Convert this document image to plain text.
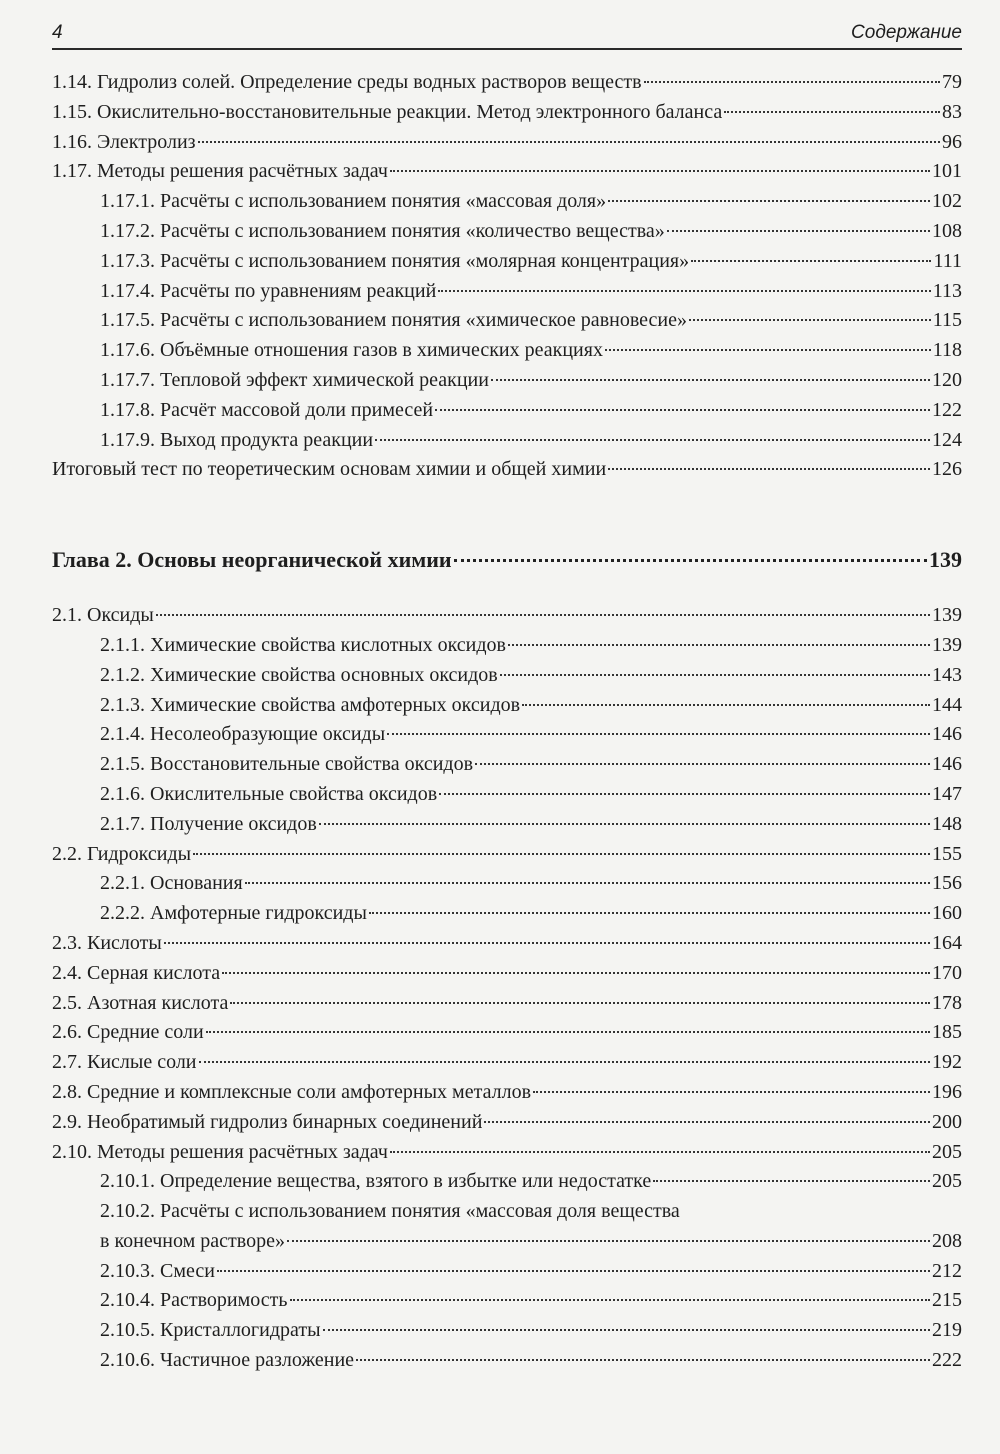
4	Содержание
1.14. Гидролиз солей. Определение среды водных растворов веществ	79
1.15. Окислительно-восстановительные реакции. Метод электронного баланса	83
1.16. Электролиз	96
1.17. Методы решения расчётных задач	101
1.17.1. Расчёты с использованием понятия «массовая доля»	102
1.17.2. Расчёты с использованием понятия «количество вещества»	108
1.17.3. Расчёты с использованием понятия «молярная концентрация»	111
1.17.4. Расчёты по уравнениям реакций	113
1.17.5. Расчёты с использованием понятия «химическое равновесие»	115
1.17.6. Объёмные отношения газов в химических реакциях	118
1.17.7. Тепловой эффект химической реакции	120
1.17.8. Расчёт массовой доли примесей	122
1.17.9. Выход продукта реакции	124
Итоговый тест по теоретическим основам химии и общей химии	126
Глава 2. Основы неорганической химии	139
2.1. Оксиды	139
2.1.1. Химические свойства кислотных оксидов	139
2.1.2. Химические свойства основных оксидов	143
2.1.3. Химические свойства амфотерных оксидов	144
2.1.4. Несолеобразующие оксиды	146
2.1.5. Восстановительные свойства оксидов	146
2.1.6. Окислительные свойства оксидов	147
2.1.7. Получение оксидов	148
2.2. Гидроксиды	155
2.2.1. Основания	156
2.2.2. Амфотерные гидроксиды	160
2.3. Кислоты	164
2.4. Серная кислота	170
2.5. Азотная кислота	178
2.6. Средние соли	185
2.7. Кислые соли	192
2.8. Средние и комплексные соли амфотерных металлов	196
2.9. Необратимый гидролиз бинарных соединений	200
2.10. Методы решения расчётных задач	205
2.10.1. Определение вещества, взятого в избытке или недостатке	205
2.10.2. Расчёты с использованием понятия «массовая доля вещества
в конечном растворе»	208
2.10.3. Смеси	212
2.10.4. Растворимость	215
2.10.5. Кристаллогидраты	219
2.10.6. Частичное разложение	222
